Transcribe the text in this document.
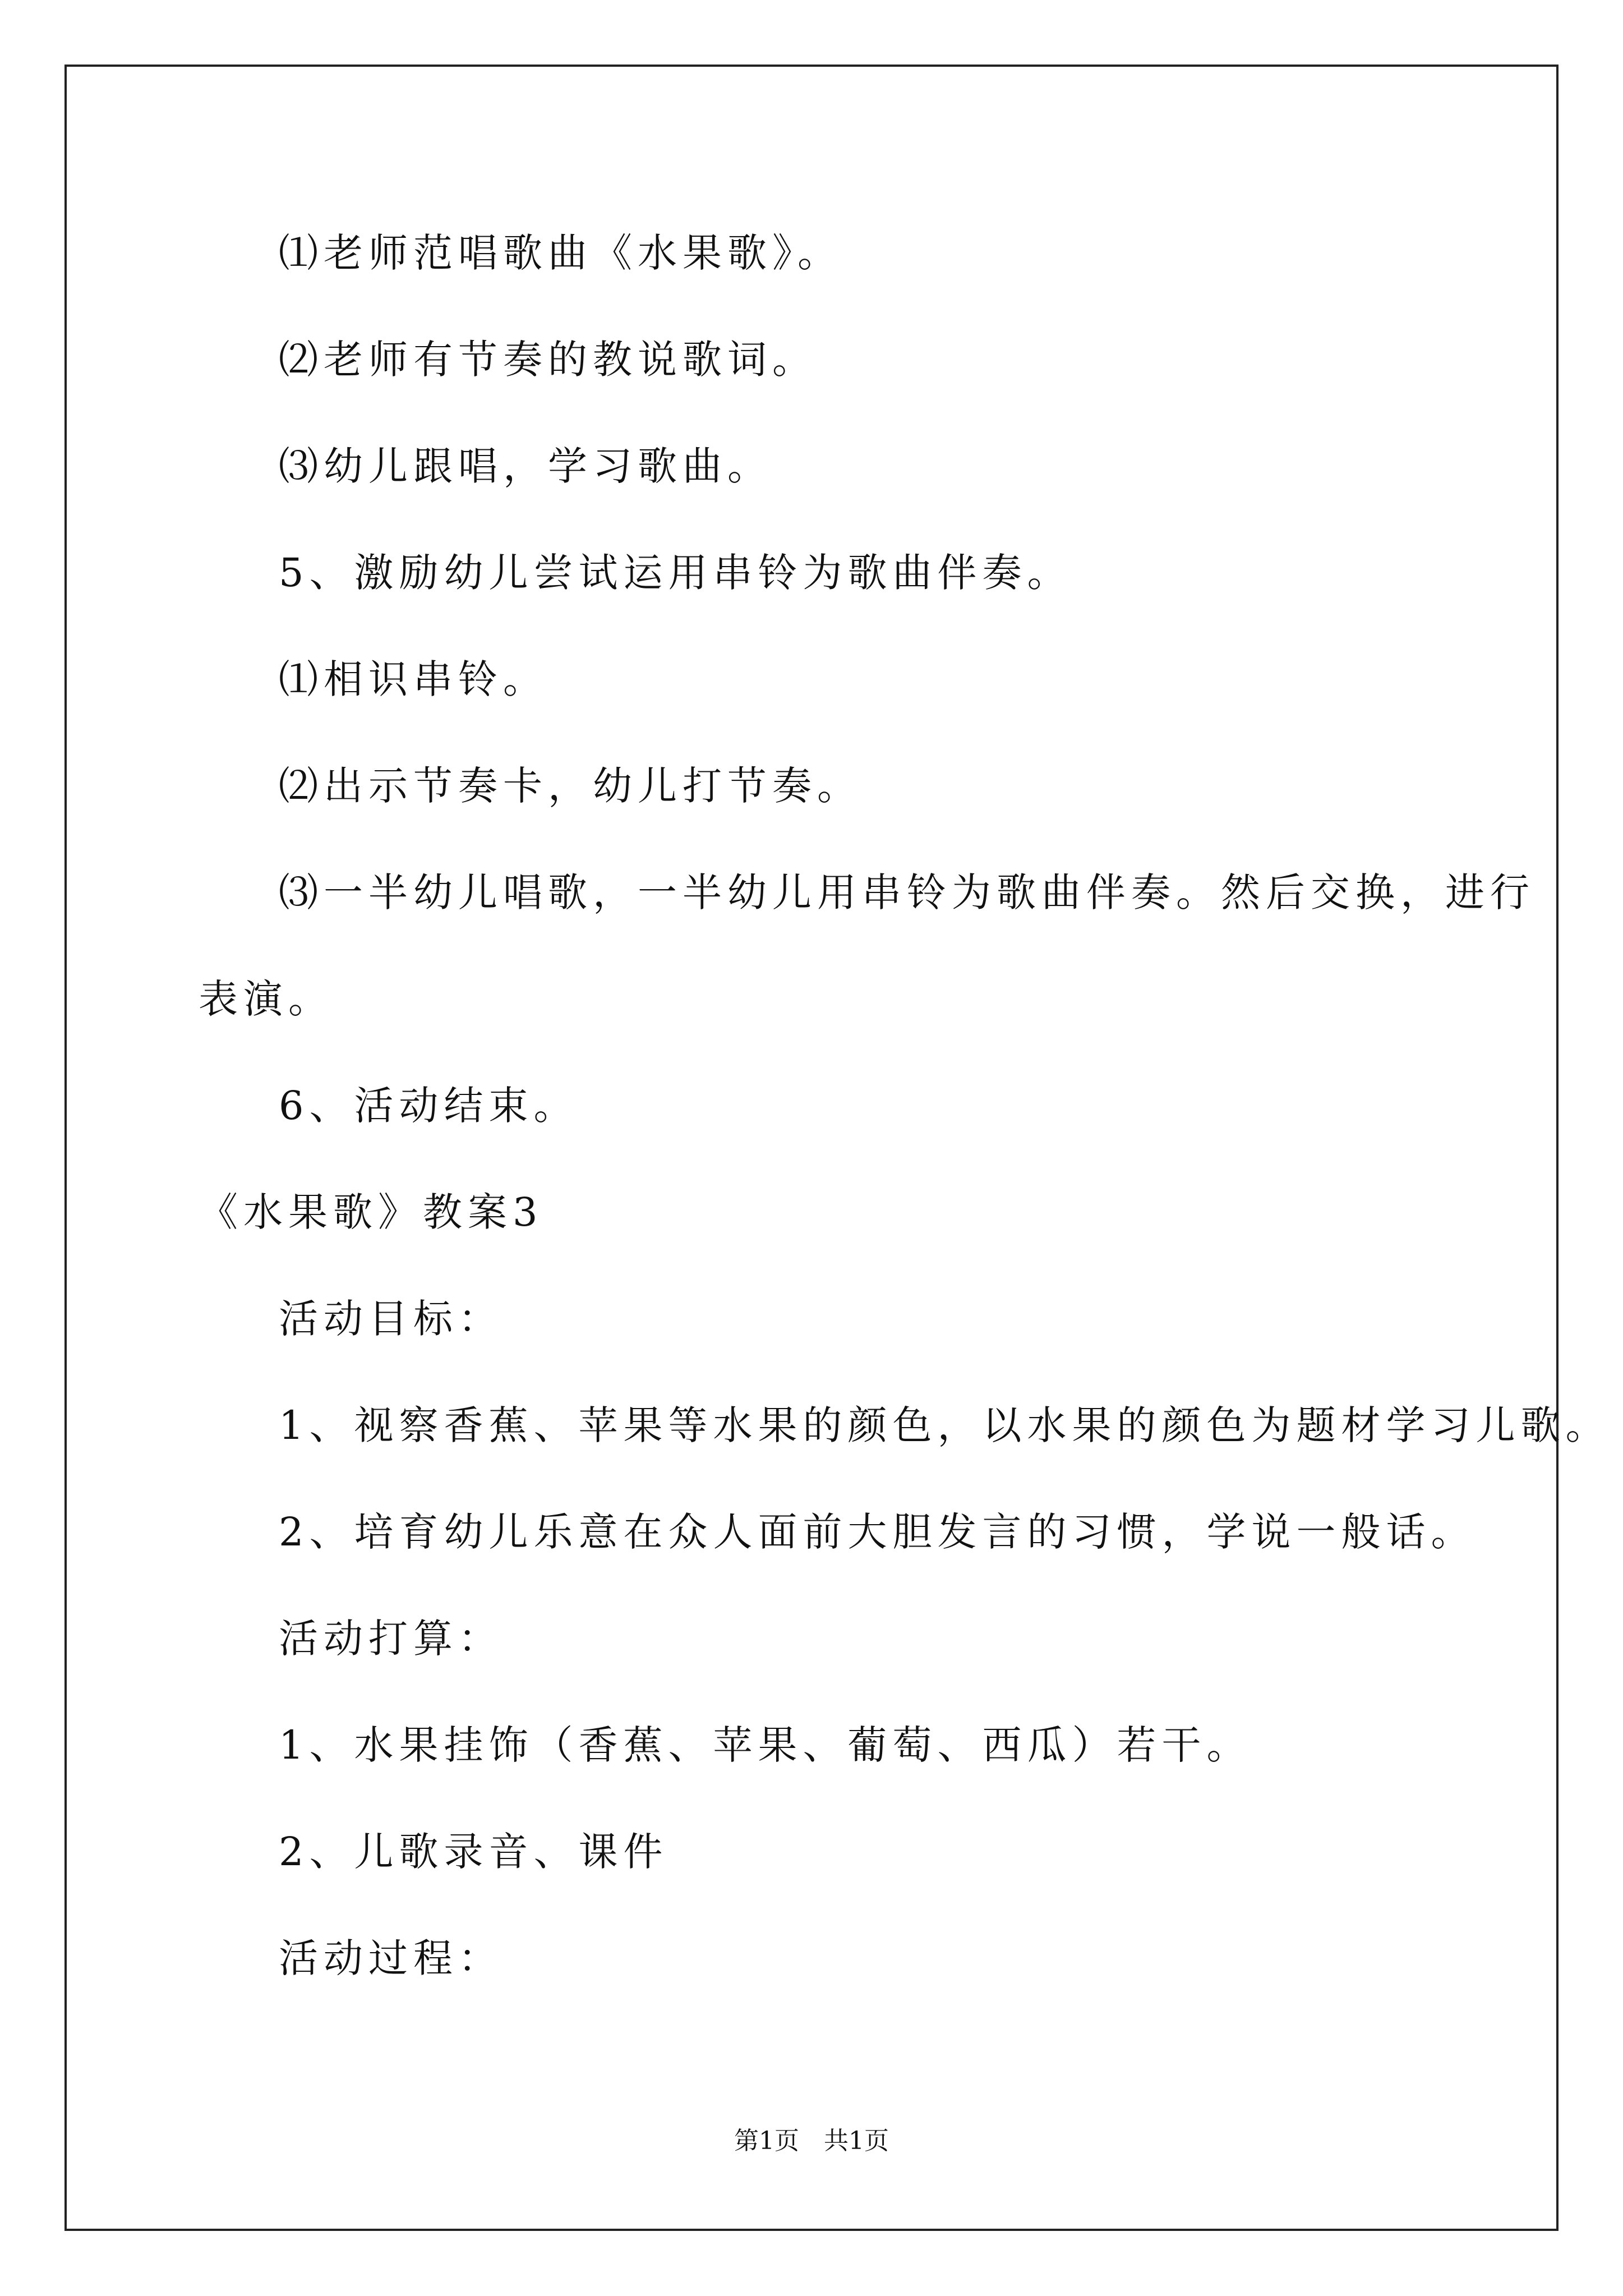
⑴老师范唱歌曲《水果歌》。
⑵老师有节奏的教说歌词。
⑶幼儿跟唱，学习歌曲。
5、激励幼儿尝试运用串铃为歌曲伴奏。
⑴相识串铃。
⑵出示节奏卡，幼儿打节奏。
⑶一半幼儿唱歌，一半幼儿用串铃为歌曲伴奏。然后交换，进行
表演。
6、活动结束。
《水果歌》教案3
活动目标：
1、视察香蕉、苹果等水果的颜色，以水果的颜色为题材学习儿歌。
2、培育幼儿乐意在众人面前大胆发言的习惯，学说一般话。
活动打算：
1、水果挂饰（香蕉、苹果、葡萄、西瓜）若干。
2、儿歌录音、课件
活动过程：
第1页　共1页
